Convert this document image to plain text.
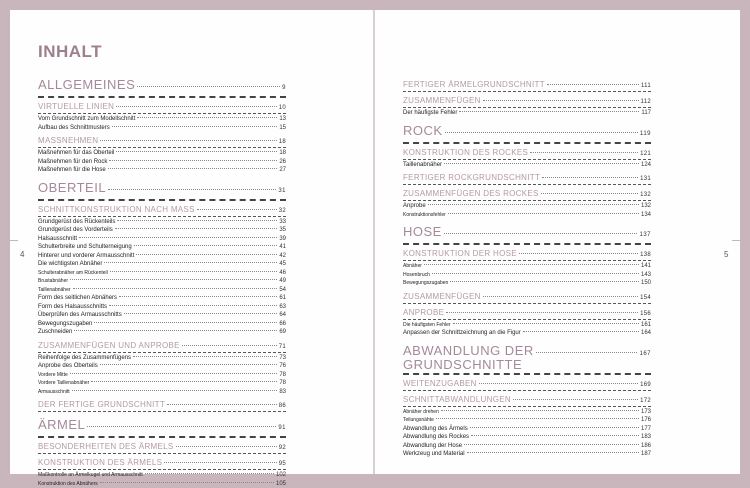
4	5
INHALT
ALLGEMEINES	9
VIRTUELLE LINIEN	10
Vom Grundschnitt zum Modellschnitt	13
Aufbau des Schnittmusters	15
MASSNEHMEN	18
Maßnehmen für das Oberteil	18
Maßnehmen für den Rock	26
Maßnehmen für die Hose	27
OBERTEIL	31
SCHNITTKONSTRUKTION NACH MASS	32
Grundgerüst des Rückenteils	33
Grundgerüst des Vorderteils	35
Halsausschnitt	39
Schulterbreite und Schulterneigung	41
Hinterer und vorderer Armausschnitt	42
Die wichtigsten Abnäher	45
Schulterabnäher am Rückenteil	46
Brustabnäher	49
Taillenabnäher	54
Form des seitlichen Abnähers	61
Form des Halsausschnitts	63
Überprüfen des Armausschnitts	64
Bewegungszugaben	66
Zuschneiden	69
ZUSAMMENFÜGEN UND ANPROBE	71
Reihenfolge des Zusammenfügens	73
Anprobe des Oberteils	76
Vordere Mitte	78
Vordere Taillenabnäher	78
Armausschnitt	83
DER FERTIGE GRUNDSCHNITT	86
ÄRMEL	91
BESONDERHEITEN DES ÄRMELS	92
KONSTRUKTION DES ÄRMELS	95
Maßkontrolle an Ärmelkugel und Armausschnitt	102
Konstruktion des Abnähers	105
FERTIGER ÄRMELGRUNDSCHNITT	111
ZUSAMMENFÜGEN	112
Der häufigste Fehler	117
ROCK	119
KONSTRUKTION DES ROCKES	121
Taillenabnäher	124
FERTIGER ROCKGRUNDSCHNITT	131
ZUSAMMENFÜGEN DES ROCKES	132
Anprobe	132
Konstruktionsfehler	134
HOSE	137
KONSTRUKTION DER HOSE	138
Abnäher	141
Hosenbruch	143
Bewegungszugaben	150
ZUSAMMENFÜGEN	154
ANPROBE	156
Die häufigsten Fehler	161
Anpassen der Schnittzeichnung an die Figur	164
ABWANDLUNG DER
GRUNDSCHNITTE
167
WEITENZUGABEN	169
SCHNITTABWANDLUNGEN	172
Abnäher drehen	173
Teilungsnähte	176
Abwandlung des Ärmels	177
Abwandlung des Rockes	183
Abwandlung der Hose	186
Werkzeug und Material	187
